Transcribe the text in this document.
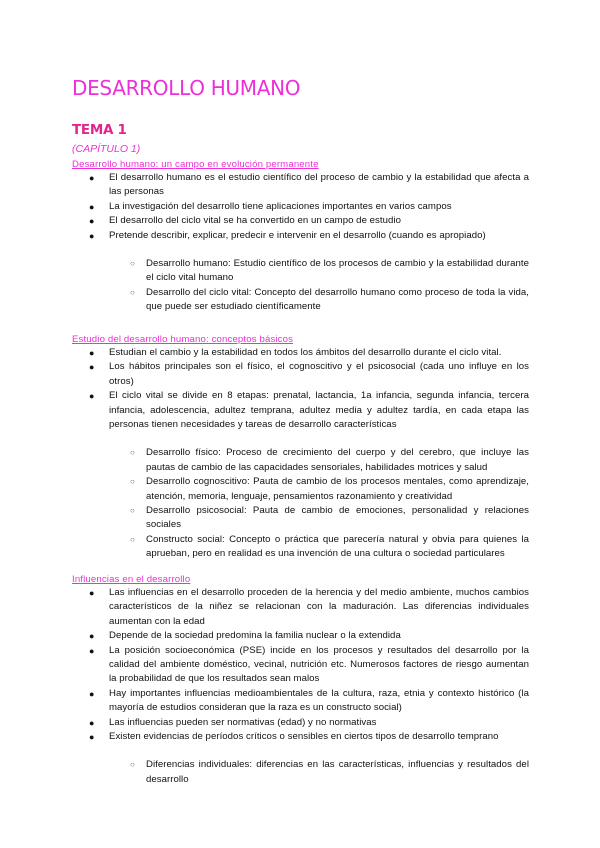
DESARROLLO HUMANO
TEMA 1
(CAPÍTULO 1)
Desarrollo humano: un campo en evolución permanente
● El desarrollo humano es el estudio científico del proceso de cambio y la estabilidad que afecta a las personas
● La investigación del desarrollo tiene aplicaciones importantes en varios campos
● El desarrollo del ciclo vital se ha convertido en un campo de estudio
● Pretende describir, explicar, predecir e intervenir en el desarrollo (cuando es apropiado)
○ Desarrollo humano: Estudio científico de los procesos de cambio y la estabilidad durante el ciclo vital humano
○ Desarrollo del ciclo vital: Concepto del desarrollo humano como proceso de toda la vida, que puede ser estudiado científicamente
Estudio del desarrollo humano: conceptos básicos
● Estudian el cambio y la estabilidad en todos los ámbitos del desarrollo durante el ciclo vital.
● Los hábitos principales son el físico, el cognoscitivo y el psicosocial (cada uno influye en los otros)
● El ciclo vital se divide en 8 etapas: prenatal, lactancia, 1a infancia, segunda infancia, tercera infancia, adolescencia, adultez temprana, adultez media y adultez tardía, en cada etapa las personas tienen necesidades y tareas de desarrollo características
○ Desarrollo físico: Proceso de crecimiento del cuerpo y del cerebro, que incluye las pautas de cambio de las capacidades sensoriales, habilidades motrices y salud
○ Desarrollo cognoscitivo: Pauta de cambio de los procesos mentales, como aprendizaje, atención, memoria, lenguaje, pensamientos razonamiento y creatividad
○ Desarrollo psicosocial: Pauta de cambio de emociones, personalidad y relaciones sociales
○ Constructo social: Concepto o práctica que parecería natural y obvia para quienes la aprueban, pero en realidad es una invención de una cultura o sociedad particulares
Influencias en el desarrollo
● Las influencias en el desarrollo proceden de la herencia y del medio ambiente, muchos cambios característicos de la niñez se relacionan con la maduración. Las diferencias individuales aumentan con la edad
● Depende de la sociedad predomina la familia nuclear o la extendida
● La posición socioeconómica (PSE) incide en los procesos y resultados del desarrollo por la calidad del ambiente doméstico, vecinal, nutrición etc. Numerosos factores de riesgo aumentan la probabilidad de que los resultados sean malos
● Hay importantes influencias medioambientales de la cultura, raza, etnia y contexto histórico (la mayoría de estudios consideran que la raza es un constructo social)
● Las influencias pueden ser normativas (edad) y no normativas
● Existen evidencias de períodos críticos o sensibles en ciertos tipos de desarrollo temprano
○ Diferencias individuales: diferencias en las características, influencias y resultados del desarrollo
